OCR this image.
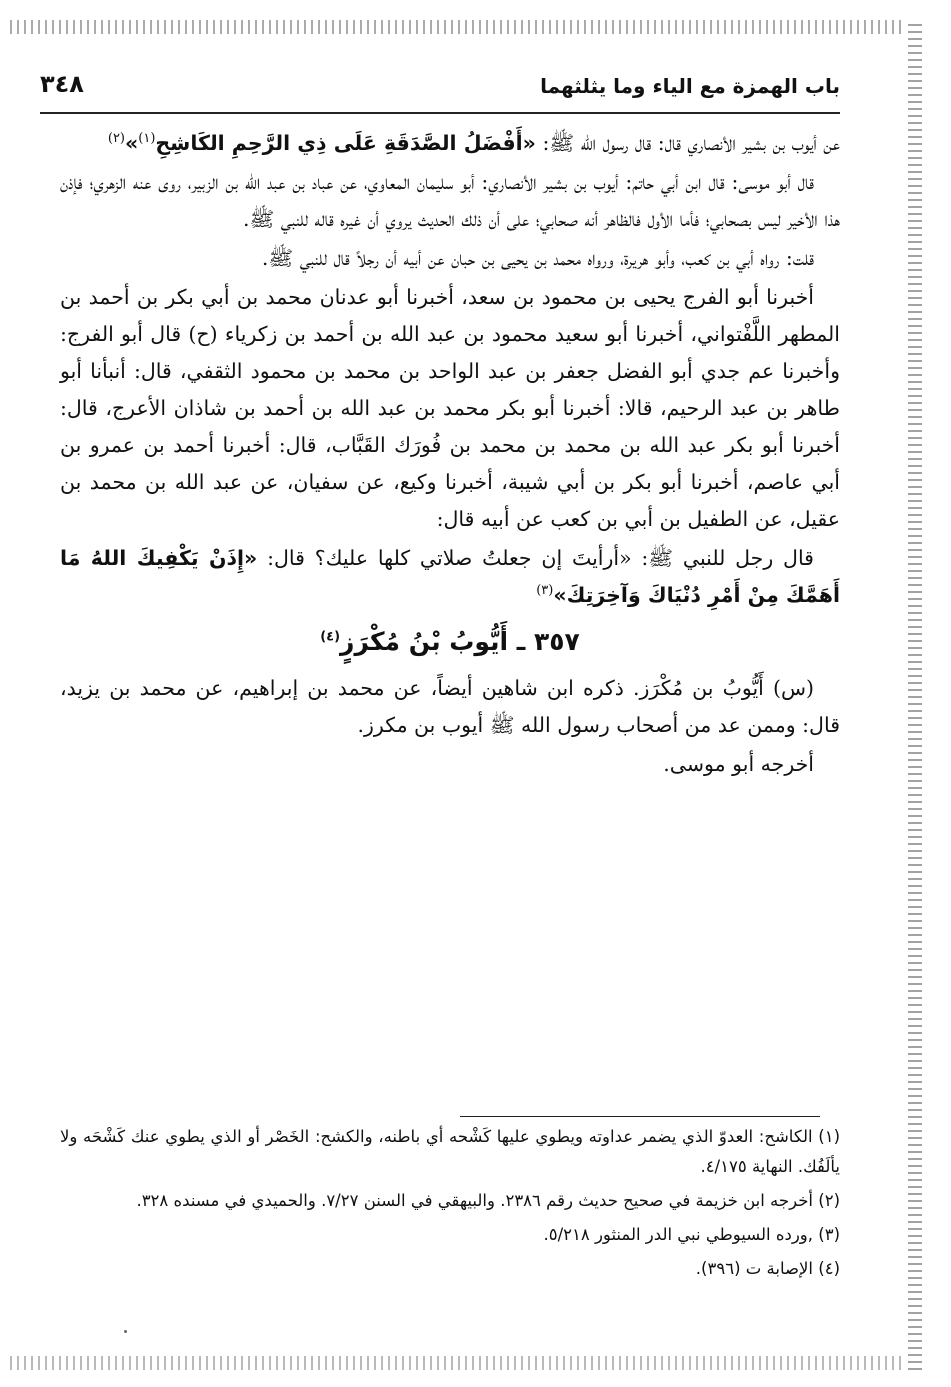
باب الهمزة مع الياء وما يثلثهما
٣٤٨

عن أيوب بن بشير الأنصاري قال: قال رسول الله ﷺ: «أَفْضَلُ الصَّدَقَةِ عَلَى ذِي الرَّحِمِ الكَاشِحِ$^{(١)}$»$^{(٢)}$

قال أبو موسى: قال ابن أبي حاتم: أيوب بن بشير الأنصاري: أبو سليمان المعاوي، عن عباد بن عبد الله بن الزبير، روى عنه الزهري؛ فإذن هذا الأخير ليس بصحابي؛ فأما الأول فالظاهر أنه صحابي؛ على أن ذلك الحديث يروي أن غيره قاله للنبي ﷺ.

قلت: رواه أبي بن كعب، وأبو هريرة، ورواه محمد بن يحيى بن حبان عن أبيه أن رجلاً قال للنبي ﷺ.

أخبرنا أبو الفرج يحيى بن محمود بن سعد، أخبرنا أبو عدنان محمد بن أبي بكر بن أحمد بن المطهر اللَّفْتواني، أخبرنا أبو سعيد محمود بن عبد الله بن أحمد بن زكرياء (ح) قال أبو الفرج: وأخبرنا عم جدي أبو الفضل جعفر بن عبد الواحد بن محمد بن محمود الثقفي، قال: أنبأنا أبو طاهر بن عبد الرحيم، قالا: أخبرنا أبو بكر محمد بن عبد الله بن أحمد بن شاذان الأعرج، قال: أخبرنا أبو بكر عبد الله بن محمد بن محمد بن فُورَك القَبَّاب، قال: أخبرنا أحمد بن عمرو بن أبي عاصم، أخبرنا أبو بكر بن أبي شيبة، أخبرنا وكيع، عن سفيان، عن عبد الله بن محمد بن عقيل، عن الطفيل بن أبي بن كعب عن أبيه قال:

قال رجل للنبي ﷺ: «أرأيتَ إن جعلتُ صلاتي كلها عليك؟ قال: «إِذَنْ يَكْفِيكَ اللهُ مَا أَهَمَّكَ مِنْ أَمْرِ دُنْيَاكَ وَآخِرَتِكَ»$^{(٣)}$

٣٥٧ ـ أَيُّوبُ بْنُ مُكْرَزٍ$^{(٤)}$

(س) أَيُّوبُ بن مُكْرَز. ذكره ابن شاهين أيضاً، عن محمد بن إبراهيم، عن محمد بن يزيد، قال: وممن عد من أصحاب رسول الله ﷺ أيوب بن مكرز.

أخرجه أبو موسى.

(١) الكاشح: العدوّ الذي يضمر عداوته ويطوي عليها كَشْحه أي باطنه، والكشح: الخَصْر أو الذي يطوي عنك كَشْحَه ولا يألَفُك. النهاية ٤/١٧٥.

(٢) أخرجه ابن خزيمة في صحيح حديث رقم ٢٣٨٦. والبيهقي في السنن ٧/٢٧. والحميدي في مسنده ٣٢٨.

(٣) ,ورده السيوطي نبي الدر المنثور ٥/٢١٨.

(٤) الإصابة ت (٣٩٦).
